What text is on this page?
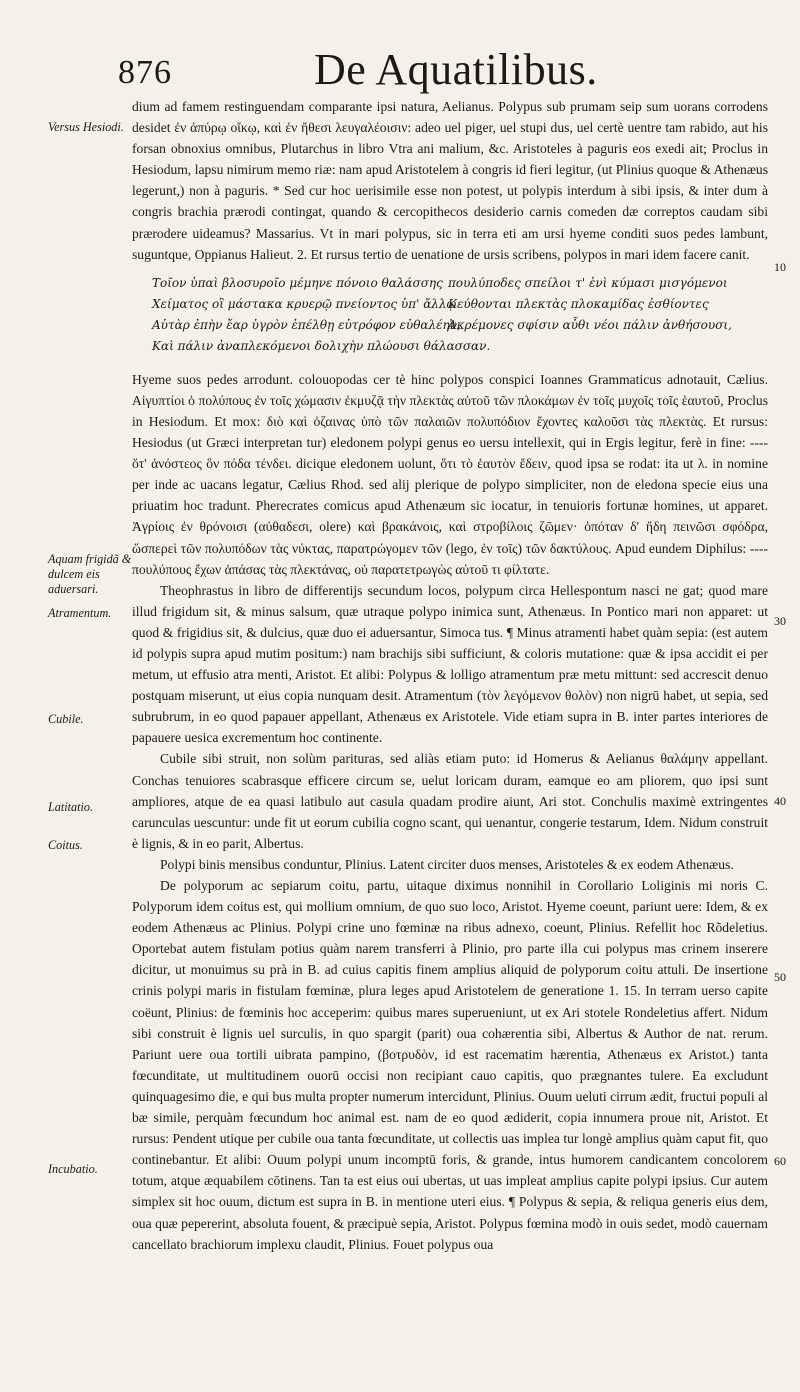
876	De Aquatilibus.

dium ad famem restinguendam comparante ipsi natura, Aelianus. Polypus sub prumam seip sum uorans corrodens desidet ἐν ἀπύρῳ οἴκῳ, καὶ ἐν ἤθεσι λευγαλέοισιν: adeo uel piger, uel stupi dus, uel certè uentre tam rabido, aut his forsan obnoxius omnibus, Plutarchus in libro Vtra ani malium, &c. Aristoteles à paguris eos exedi ait; Proclus in Hesiodum, lapsu nimirum memo riæ: nam apud Aristotelem à congris id fieri legitur, (ut Plinius quoque & Athenæus legerunt,) non à paguris. * Sed cur hoc uerisimile esse non potest, ut polypis interdum à sibi ipsis, & inter dum à congris brachia prærodi contingat, quando & cercopithecos desiderio carnis comeden dæ correptos caudam sibi prærodere uideamus? Massarius. Vt in mari polypus, sic in terra eti am ursi hyeme conditi suos pedes lambunt, suguntque, Oppianus Halieut. 2. Et rursus tertio de uenatione de ursis scribens, polypos in mari idem facere canit.

Hyeme suos pedes arrodunt. colouopodas cer tè hinc polypos conspici Ioannes Grammaticus adnotauit, Cælius. Αἰγυπτίοι ὁ πολύπους ἐν τοῖς χώμασιν ἐκμυζᾷ τὴν πλεκτὰς αὑτοῦ τῶν πλοκάμων ἐν τοῖς μυχοῖς τοῖς ἑαυτοῦ, Proclus in Hesiodum. Et mox: διὸ καὶ ὀζαινας ὑπὸ τῶν παλαιῶν πολυπόδιον ἔχοντες καλοῦσι τὰς πλεκτὰς. Et rursus: Hesiodus (ut Græci interpretan tur) eledonem polypi genus eo uersu intellexit, qui in Ergis legitur, ferè in fine: ---- ὅτ' ἀνόστεος ὃν πόδα τένδει. dicique eledonem uolunt, ὅτι τὸ ἑαυτὸν ἔδειν, quod ipsa se rodat: ita ut λ. in nomine per inde ac uacans legatur, Cælius Rhod. sed alij plerique de polypo simpliciter, non de eledona specie eius una priuatim hoc tradunt. Pherecrates comicus apud Athenæum sic iocatur, in tenuioris fortunæ homines, ut apparet. Ἀγρίοις ἐν θρόνοισι (αὐθαδεσι, olere) καὶ βρακάνοις, καὶ στροβίλοις ζῶμεν· ὁπόταν δ' ἤδη πεινῶσι σφόδρα, ὥσπερεὶ τῶν πολυπόδων τὰς νύκτας, παρατρώγομεν τῶν (lego, ἐν τοῖς) τῶν δακτύλους. Apud eundem Diphilus: ---- πουλύπους ἔχων ἁπάσας τὰς πλεκτάνας, οὐ παρατετρωγὼς αὑτοῦ τι φίλτατε.

Theophrastus in libro de differentijs secundum locos, polypum circa Hellespontum nasci ne gat; quod mare illud frigidum sit, & minus salsum, quæ utraque polypo inimica sunt, Athenæus. In Pontico mari non apparet: ut quod & frigidius sit, & dulcius, quæ duo ei aduersantur, Simoca tus. ¶ Minus atramenti habet quàm sepia: (est autem id polypis supra apud mutim positum:) nam brachijs sibi sufficiunt, & coloris mutatione: quæ & ipsa accidit ei per metum, ut effusio atra menti, Aristot. Et alibi: Polypus & lolligo atramentum præ metu mittunt: sed accrescit denuo postquam miserunt, ut eius copia nunquam desit. Atramentum (τὸν λεγόμενον θολὸν) non nigrū habet, ut sepia, sed subrubrum, in eo quod papauer appellant, Athenæus ex Aristotele. Vide etiam supra in B. inter partes interiores de papauere uesica excrementum hoc continente.

Cubile sibi struit, non solùm parituras, sed aliàs etiam puto: id Homerus & Aelianus θαλάμην appellant. Conchas tenuiores scabrasque efficere circum se, uelut loricam duram, eamque eo am pliorem, quo ipsi sunt ampliores, atque de ea quasi latibulo aut casula quadam prodire aiunt, Ari stot. Conchulis maximè extringentes carunculas uescuntur: unde fit ut eorum cubilia cogno scant, qui uenantur, congerie testarum, Idem. Nidum construit è lignis, & in eo parit, Albertus.

Polypi binis mensibus conduntur, Plinius. Latent circiter duos menses, Aristoteles & ex eodem Athenæus.

De polyporum ac sepiarum coitu, partu, uitaque diximus nonnihil in Corollario Loliginis mi noris C. Polyporum idem coitus est, qui mollium omnium, de quo suo loco, Aristot. Hyeme coeunt, pariunt uere: Idem, & ex eodem Athenæus ac Plinius. Polypi crine uno fœminæ na ribus adnexo, coeunt, Plinius. Refellit hoc Rõdeletius. Oportebat autem fistulam potius quàm narem transferri à Plinio, pro parte illa cui polypus mas crinem inserere dicitur, ut monuimus su prà in B. ad cuius capitis finem amplius aliquid de polyporum coitu attuli. De insertione crinis polypi maris in fistulam fœminæ, plura leges apud Aristotelem de generatione 1. 15. In terram uerso capite coëunt, Plinius: de fœminis hoc acceperim: quibus mares superueniunt, ut ex Ari stotele Rondeletius affert. Nidum sibi construit è lignis uel surculis, in quo spargit (parit) oua cohærentia sibi, Albertus & Author de nat. rerum. Pariunt uere oua tortili uibrata pampino, (βοτρυδὸν, id est racematim hærentia, Athenæus ex Aristot.) tanta fœcunditate, ut multitudinem ouorū occisi non recipiant cauo capitis, quo prægnantes tulere. Ea excludunt quinquagesimo die, e qui bus multa propter numerum intercidunt, Plinius. Ouum ueluti cirrum ædit, fructui populi al bæ simile, perquàm fœcundum hoc animal est. nam de eo quod ædiderit, copia innumera proue nit, Aristot. Et rursus: Pendent utique per cubile oua tanta fœcunditate, ut collectis uas implea tur longè amplius quàm caput fit, quo continebantur. Et alibi: Ouum polypi unum incomptū foris, & grande, intus humorem candicantem concolorem totum, atque æquabilem cōtinens. Tan ta est eius oui ubertas, ut uas impleat amplius capite polypi ipsius. Cur autem simplex sit hoc ouum, dictum est supra in B. in mentione uteri eius. ¶ Polypus & sepia, & reliqua generis eius dem, oua quæ pepererint, absoluta fouent, & præcipuè sepia, Aristot. Polypus fœmina modò in ouis sedet, modò cauernam cancellato brachiorum implexu claudit, Plinius. Fouet polypus oua

Τοῖον ὑπαὶ βλοσυροῖο μέμηνε πόνοιο θαλάσσης πουλύποδες σπείλοι τ' ἐνὶ κύμασι μισγόμενοι
Χείματος οἳ μάστακα κρυερῷ πνείοντος ὑπ' ἄλλῳ
Κεύθονται πλεκτὰς πλοκαμίδας ἐσθίοντες
Αὐτὰρ ἐπὴν ἔαρ ὑγρὸν ἐπέλθῃ εὐτρόφον εὐθαλέην,
Ἀκρέμονες σφίσιν αὖθι νέοι πάλιν ἀνθήσουσι,
Καὶ πάλιν ἀναπλεκόμενοι δολιχὴν πλώουσι θάλασσαν.
Versus Hesiodi.
Aquam frigidã & dulcem eis aduersari.
Atramentum.
Cubile.
Latitatio.
Coitus.
Incubatio.
10
30
40
50
60
